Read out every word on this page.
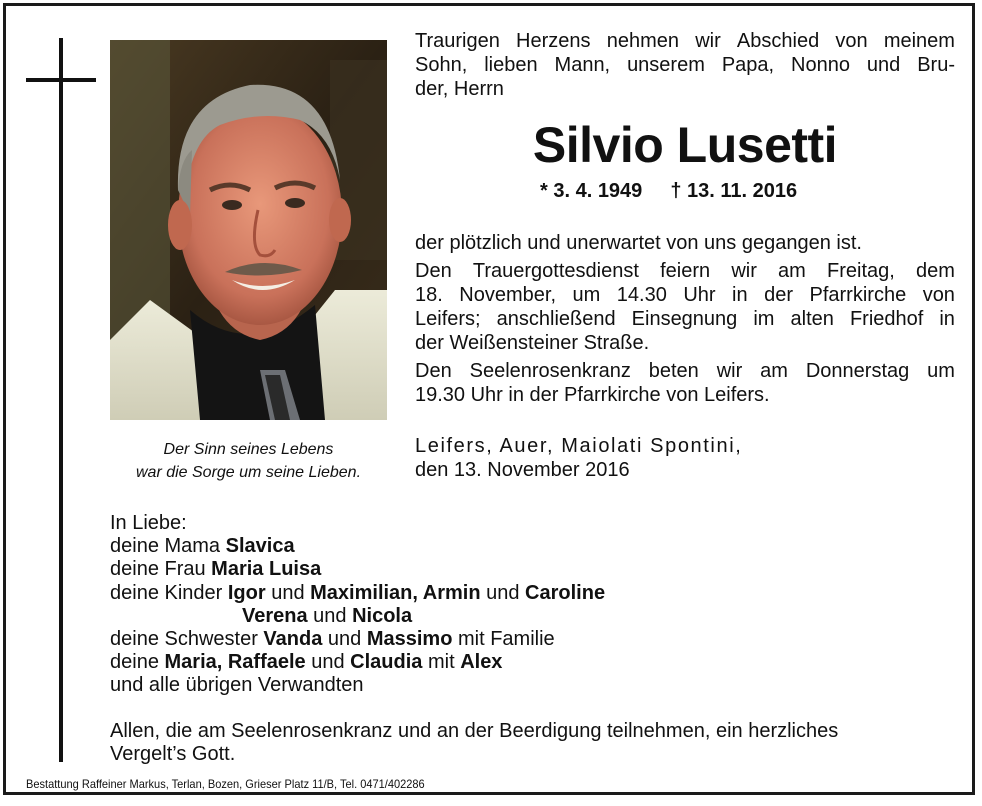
Der Sinn seines Lebens
war die Sorge um seine Lieben.
Traurigen Herzens nehmen wir Abschied von meinem
Sohn, lieben Mann, unserem Papa, Nonno und Bru-
der, Herrn
Silvio Lusetti
* 3. 4. 1949 † 13. 11. 2016
der plötzlich und unerwartet von uns gegangen ist.
Den Trauergottesdienst feiern wir am Freitag, dem
18. November, um 14.30 Uhr in der Pfarrkirche von
Leifers; anschließend Einsegnung im alten Friedhof in
der Weißensteiner Straße.
Den Seelenrosenkranz beten wir am Donnerstag um
19.30 Uhr in der Pfarrkirche von Leifers.
Leifers, Auer, Maiolati Spontini,
den 13. November 2016
In Liebe:
deine Mama Slavica
deine Frau Maria Luisa
deine Kinder Igor und Maximilian, Armin und Caroline
Verena und Nicola
deine Schwester Vanda und Massimo mit Familie
deine Maria, Raffaele und Claudia mit Alex
und alle übrigen Verwandten
Allen, die am Seelenrosenkranz und an der Beerdigung teilnehmen, ein herzliches
Vergelt’s Gott.
Bestattung Raffeiner Markus, Terlan, Bozen, Grieser Platz 11/B, Tel. 0471/402286
